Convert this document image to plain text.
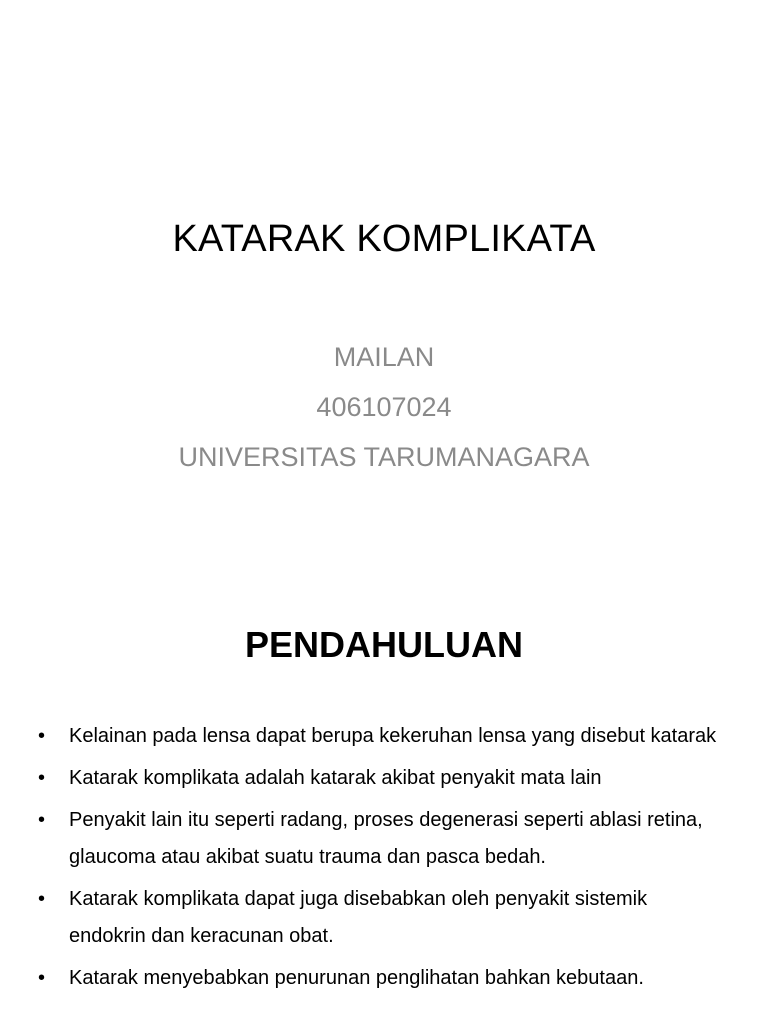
KATARAK KOMPLIKATA
MAILAN
406107024
UNIVERSITAS TARUMANAGARA
PENDAHULUAN
• Kelainan pada lensa dapat berupa kekeruhan lensa yang disebut katarak
• Katarak komplikata adalah katarak akibat penyakit mata lain
• Penyakit lain itu seperti radang, proses degenerasi seperti ablasi retina, glaucoma atau akibat suatu trauma dan pasca bedah.
• Katarak komplikata dapat juga disebabkan oleh penyakit sistemik endokrin dan keracunan obat.
• Katarak menyebabkan penurunan penglihatan bahkan kebutaan.
